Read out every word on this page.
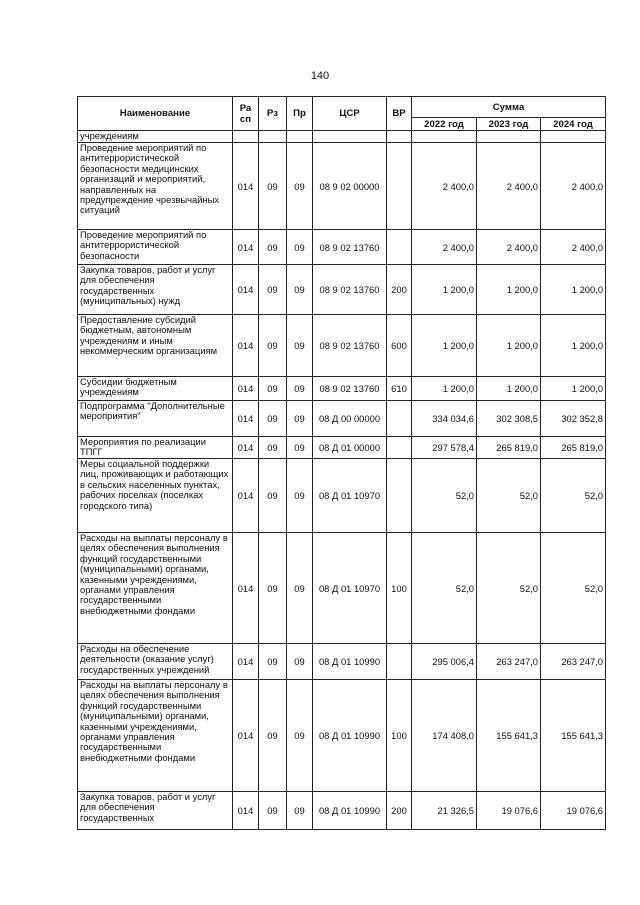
140
Наименование	Ра сп	Рз	Пр	ЦСР	ВР	Сумма		
						2022 год	2023 год	2024 год
учреждениям								
Проведение мероприятий по антитеррористической безопасности медицинских организаций и мероприятий, направленных на предупреждение чрезвычайных ситуаций	014	09	09	08 9 02 00000		2 400,0	2 400,0	2 400,0
Проведение мероприятий по антитеррористической безопасности	014	09	09	08 9 02 13760		2 400,0	2 400,0	2 400,0
Закупка товаров, работ и услуг для обеспечения государственных (муниципальных) нужд	014	09	09	08 9 02 13760	200	1 200,0	1 200,0	1 200,0
Предоставление субсидий бюджетным, автономным учреждениям и иным некоммерческим организациям	014	09	09	08 9 02 13760	600	1 200,0	1 200,0	1 200,0
Субсидии бюджетным учреждениям	014	09	09	08 9 02 13760	610	1 200,0	1 200,0	1 200,0
Подпрограмма "Дополнительные мероприятия"	014	09	09	08 Д 00 00000		334 034,6	302 308,5	302 352,8
Мероприятия по реализации ТПГГ	014	09	09	08 Д 01 00000		297 578,4	265 819,0	265 819,0
Меры социальной поддержки лиц, проживающих и работающих в сельских населенных пунктах, рабочих поселках (поселках городского типа)	014	09	09	08 Д 01 10970		52,0	52,0	52,0
Расходы на выплаты персоналу в целях обеспечения выполнения функций государственными (муниципальными) органами, казенными учреждениями, органами управления государственными внебюджетными фондами	014	09	09	08 Д 01 10970	100	52,0	52,0	52,0
Расходы на обеспечение деятельности (оказание услуг) государственных учреждений	014	09	09	08 Д 01 10990		295 006,4	263 247,0	263 247,0
Расходы на выплаты персоналу в целях обеспечения выполнения функций государственными (муниципальными) органами, казенными учреждениями, органами управления государственными внебюджетными фондами	014	09	09	08 Д 01 10990	100	174 408,0	155 641,3	155 641,3
Закупка товаров, работ и услуг для обеспечения государственных	014	09	09	08 Д 01 10990	200	21 326,5	19 076,6	19 076,6
